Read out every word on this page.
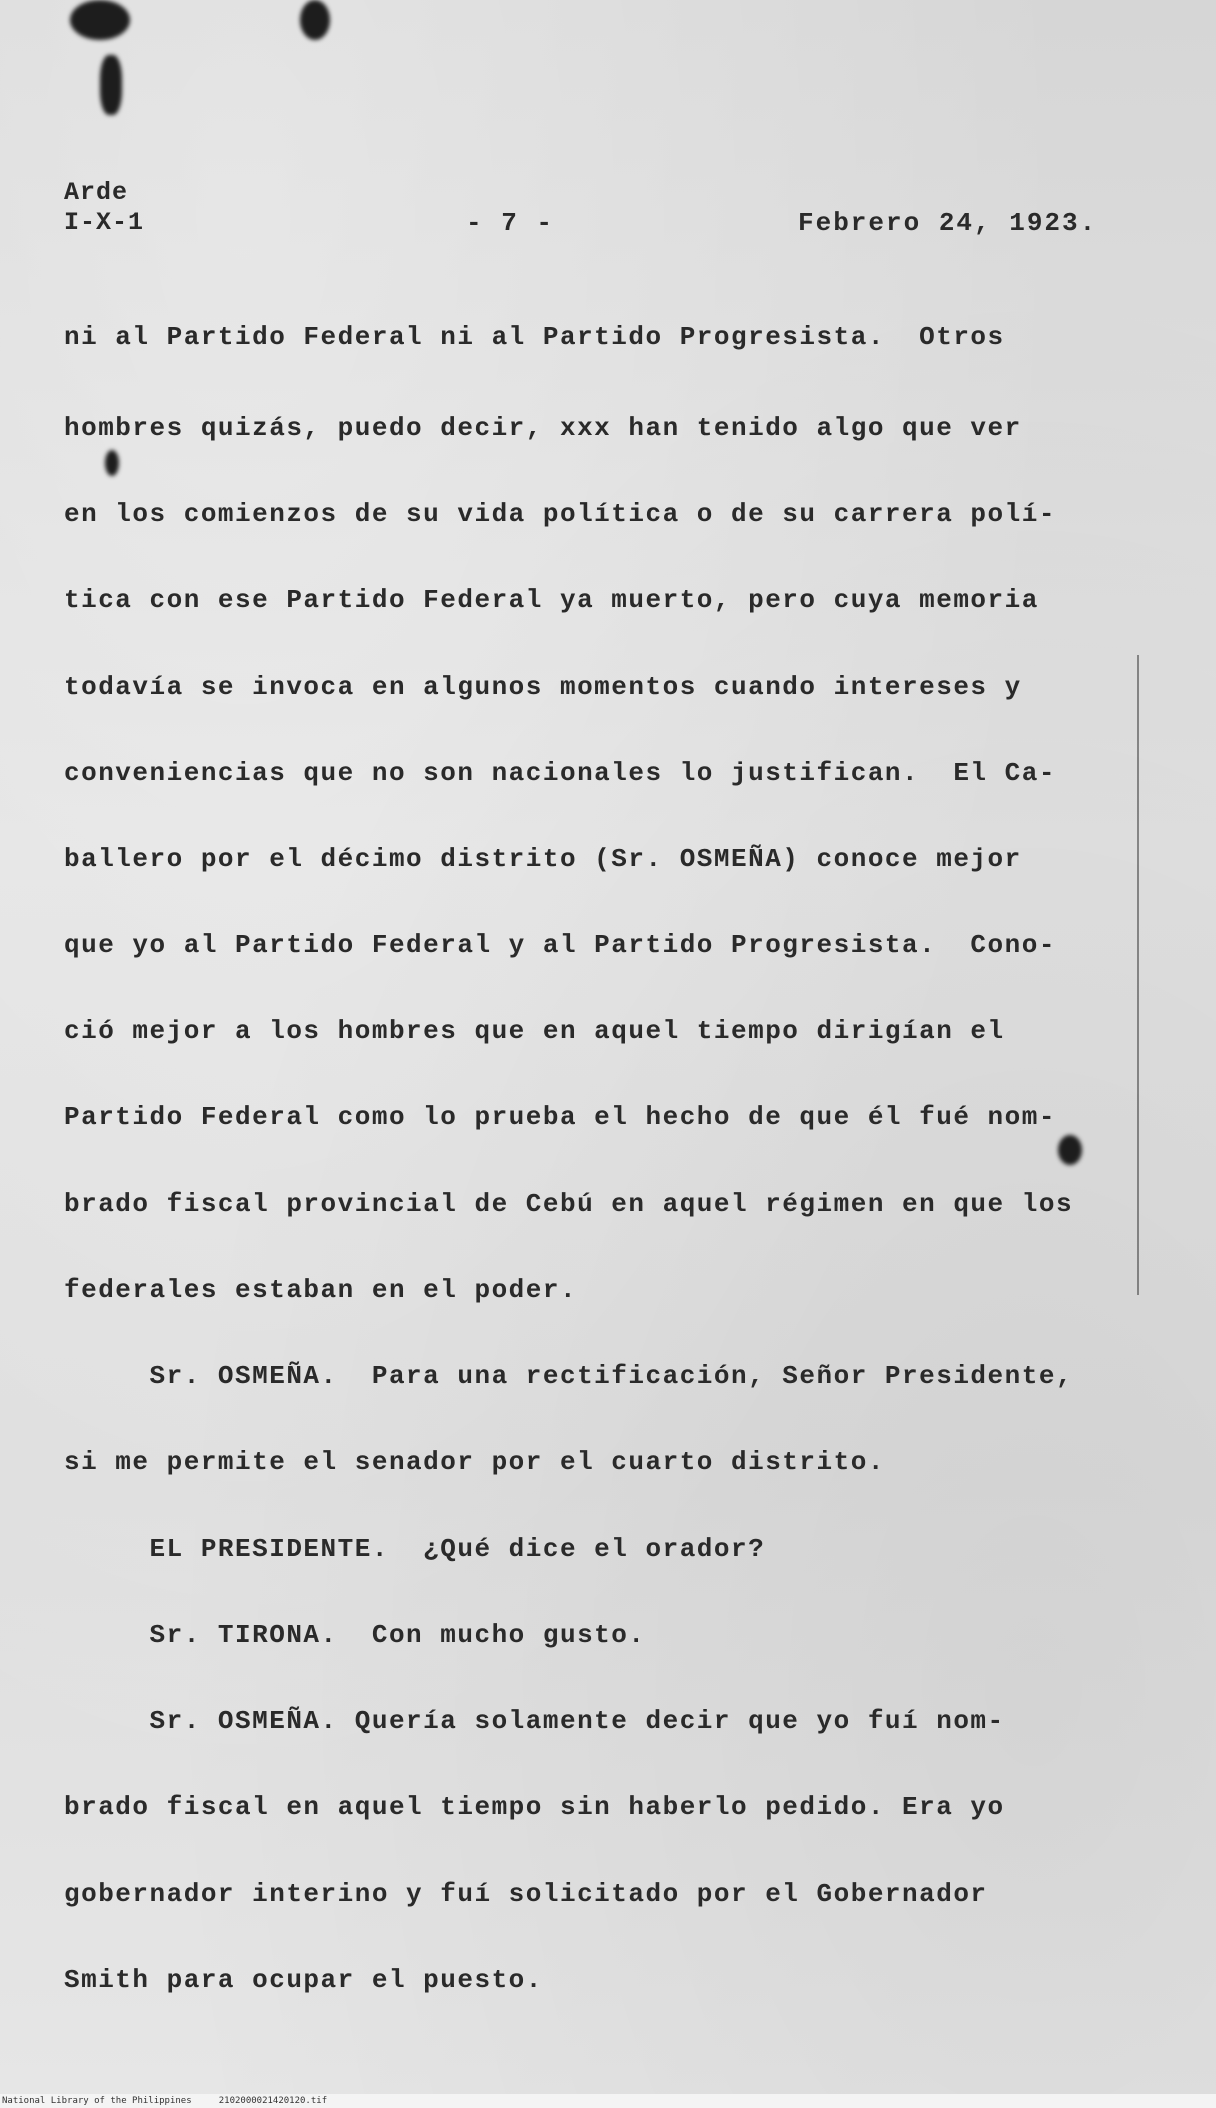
Arde
I-X-1	- 7 -	Febrero 24, 1923.
ni al Partido Federal ni al Partido Progresista.  Otros
hombres quizás, puedo decir, xxx han tenido algo que ver
en los comienzos de su vida política o de su carrera polí-
tica con ese Partido Federal ya muerto, pero cuya memoria
todavía se invoca en algunos momentos cuando intereses y
conveniencias que no son nacionales lo justifican.  El Ca-
ballero por el décimo distrito (Sr. OSMEÑA) conoce mejor
que yo al Partido Federal y al Partido Progresista.  Cono-
ció mejor a los hombres que en aquel tiempo dirigían el
Partido Federal como lo prueba el hecho de que él fué nom-
brado fiscal provincial de Cebú en aquel régimen en que los
federales estaban en el poder.
Sr. OSMEÑA.  Para una rectificación, Señor Presidente,
si me permite el senador por el cuarto distrito.
EL PRESIDENTE.  ¿Qué dice el orador?
Sr. TIRONA.  Con mucho gusto.
Sr. OSMEÑA. Quería solamente decir que yo fuí nom-
brado fiscal en aquel tiempo sin haberlo pedido. Era yo
gobernador interino y fuí solicitado por el Gobernador
Smith para ocupar el puesto.
National Library of the Philippines     2102000021420120.tif
